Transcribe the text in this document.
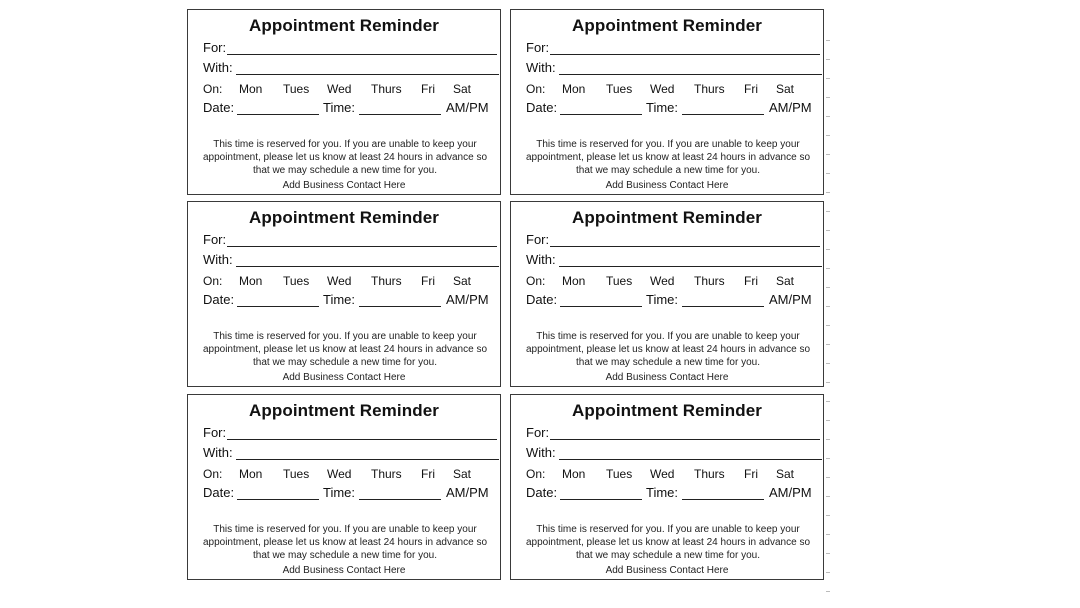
Appointment Reminder
For:
With:
On: Mon Tues Wed Thurs Fri Sat
Date:	Time:	AM/PM
This time is reserved for you. If you are unable to keep your appointment, please let us know at least 24 hours in advance so that we may schedule a new time for you.
Add Business Contact Here
Appointment Reminder
For:
With:
On: Mon Tues Wed Thurs Fri Sat
Date:	Time:	AM/PM
This time is reserved for you. If you are unable to keep your appointment, please let us know at least 24 hours in advance so that we may schedule a new time for you.
Add Business Contact Here
Appointment Reminder
For:
With:
On: Mon Tues Wed Thurs Fri Sat
Date:	Time:	AM/PM
This time is reserved for you. If you are unable to keep your appointment, please let us know at least 24 hours in advance so that we may schedule a new time for you.
Add Business Contact Here
Appointment Reminder
For:
With:
On: Mon Tues Wed Thurs Fri Sat
Date:	Time:	AM/PM
This time is reserved for you. If you are unable to keep your appointment, please let us know at least 24 hours in advance so that we may schedule a new time for you.
Add Business Contact Here
Appointment Reminder
For:
With:
On: Mon Tues Wed Thurs Fri Sat
Date:	Time:	AM/PM
This time is reserved for you. If you are unable to keep your appointment, please let us know at least 24 hours in advance so that we may schedule a new time for you.
Add Business Contact Here
Appointment Reminder
For:
With:
On: Mon Tues Wed Thurs Fri Sat
Date:	Time:	AM/PM
This time is reserved for you. If you are unable to keep your appointment, please let us know at least 24 hours in advance so that we may schedule a new time for you.
Add Business Contact Here
